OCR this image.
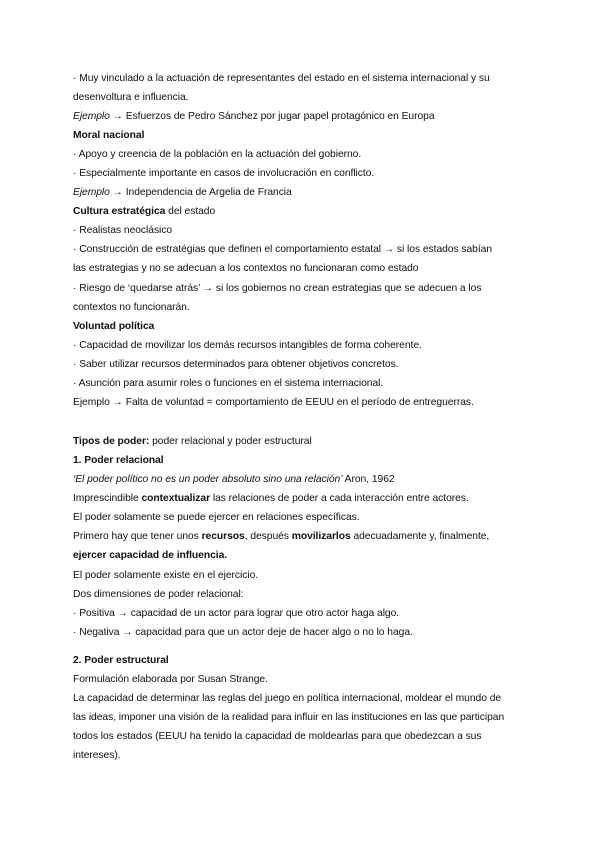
· Muy vinculado a la actuación de representantes del estado en el sistema internacional y su
desenvoltura e influencia.
Ejemplo → Esfuerzos de Pedro Sánchez por jugar papel protagónico en Europa
Moral nacional
· Apoyo y creencia de la población en la actuación del gobierno.
· Especialmente importante en casos de involucración en conflicto.
Ejemplo → Independencia de Argelia de Francia
Cultura estratégica del estado
· Realistas neoclásico
· Construcción de estratégias que definen el comportamiento estatal → si los estados sabían
las estrategias y no se adecuan a los contextos no funcionaran como estado
· Riesgo de ‘quedarse atrás’ → si los gobiernos no crean estrategias que se adecuen a los
contextos no funcionarán.
Voluntad política
· Capacidad de movilizar los demás recursos intangibles de forma coherente.
· Saber utilizar recursos determinados para obtener objetivos concretos.
· Asunción para asumir roles o funciones en el sistema internacional.
Ejemplo → Falta de voluntad = comportamiento de EEUU en el período de entreguerras.
Tipos de poder: poder relacional y poder estructural
1. Poder relacional
‘El poder político no es un poder absoluto sino una relación’ Aron, 1962
Imprescindible contextualizar las relaciones de poder a cada interacción entre actores.
El poder solamente se puede ejercer en relaciones específicas.
Primero hay que tener unos recursos, después movilizarlos adecuadamente y, finalmente,
ejercer capacidad de influencia.
El poder solamente existe en el ejercicio.
Dos dimensiones de poder relacional:
· Positiva → capacidad de un actor para lograr que otro actor haga algo.
· Negativa → capacidad para que un actor deje de hacer algo o no lo haga.
2. Poder estructural
Formulación elaborada por Susan Strange.
La capacidad de determinar las reglas del juego en política internacional, moldear el mundo de
las ideas, imponer una visión de la realidad para influir en las instituciones en las que participan
todos los estados (EEUU ha tenido la capacidad de moldearlas para que obedezcan a sus
intereses).
